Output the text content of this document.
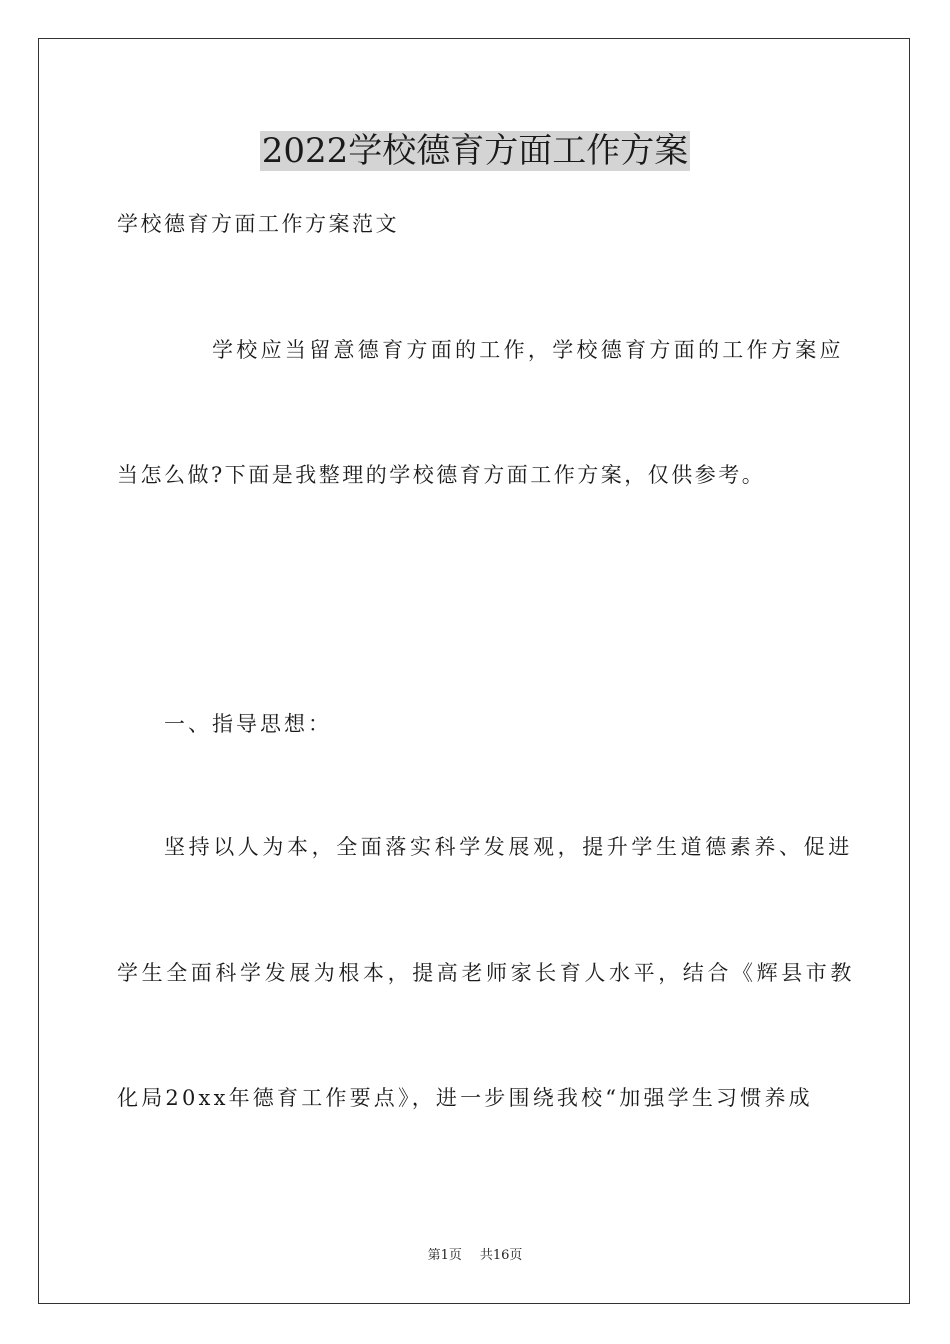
2022学校德育方面工作方案
学校德育方面工作方案范文
学校应当留意德育方面的工作，学校德育方面的工作方案应
当怎么做?下面是我整理的学校德育方面工作方案，仅供参考。
一、指导思想：
坚持以人为本，全面落实科学发展观，提升学生道德素养、促进
学生全面科学发展为根本，提高老师家长育人水平，结合《辉县市教
化局20xx年德育工作要点》，进一步围绕我校“加强学生习惯养成
第1页 共16页
